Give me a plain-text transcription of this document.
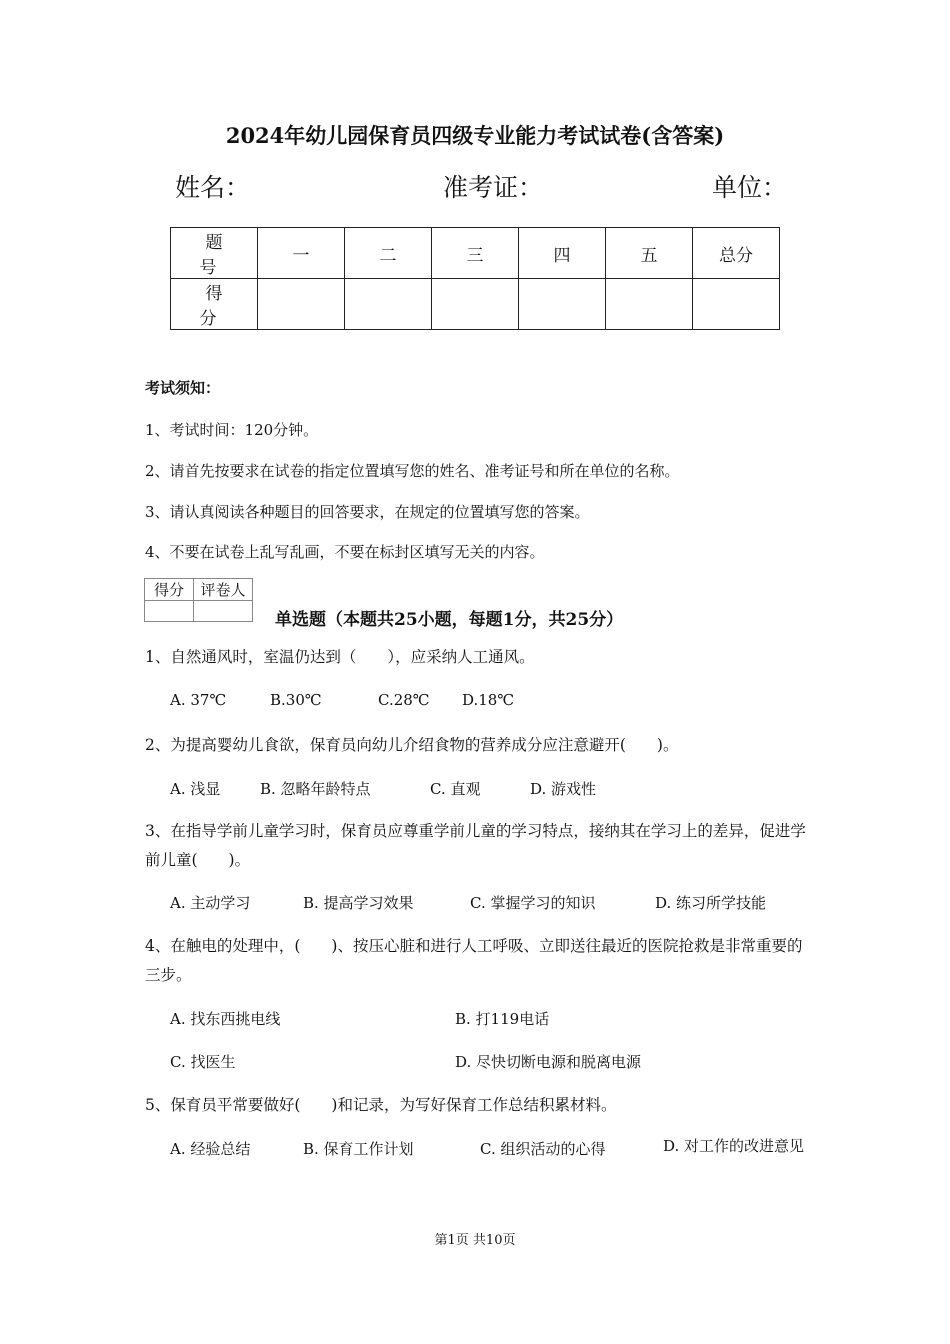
2024年幼儿园保育员四级专业能力考试试卷(含答案)
姓名：	准考证：	单位：
题　号	一	二	三	四	五	总分
得　分						
考试须知：
1、考试时间：120分钟。
2、请首先按要求在试卷的指定位置填写您的姓名、准考证号和所在单位的名称。
3、请认真阅读各种题目的回答要求，在规定的位置填写您的答案。
4、不要在试卷上乱写乱画，不要在标封区填写无关的内容。
得分	评卷人

单选题（本题共25小题，每题1分，共25分）
1、自然通风时，室温仍达到（　　），应采纳人工通风。
A. 37℃	B.30℃	C.28℃ D.18℃
2、为提高婴幼儿食欲，保育员向幼儿介绍食物的营养成分应注意避开(　　)。
A. 浅显	B. 忽略年龄特点	C. 直观	D. 游戏性
3、在指导学前儿童学习时，保育员应尊重学前儿童的学习特点，接纳其在学习上的差异，促进学前儿童(　　)。
A. 主动学习	B. 提高学习效果	C. 掌握学习的知识	D. 练习所学技能
4、在触电的处理中，(　　)、按压心脏和进行人工呼吸、立即送往最近的医院抢救是非常重要的三步。
A. 找东西挑电线	B. 打119电话
C. 找医生	D. 尽快切断电源和脱离电源
5、保育员平常要做好(　　)和记录，为写好保育工作总结积累材料。
A. 经验总结	B. 保育工作计划	C. 组织活动的心得	D. 对工作的改进意见
第1页 共10页
